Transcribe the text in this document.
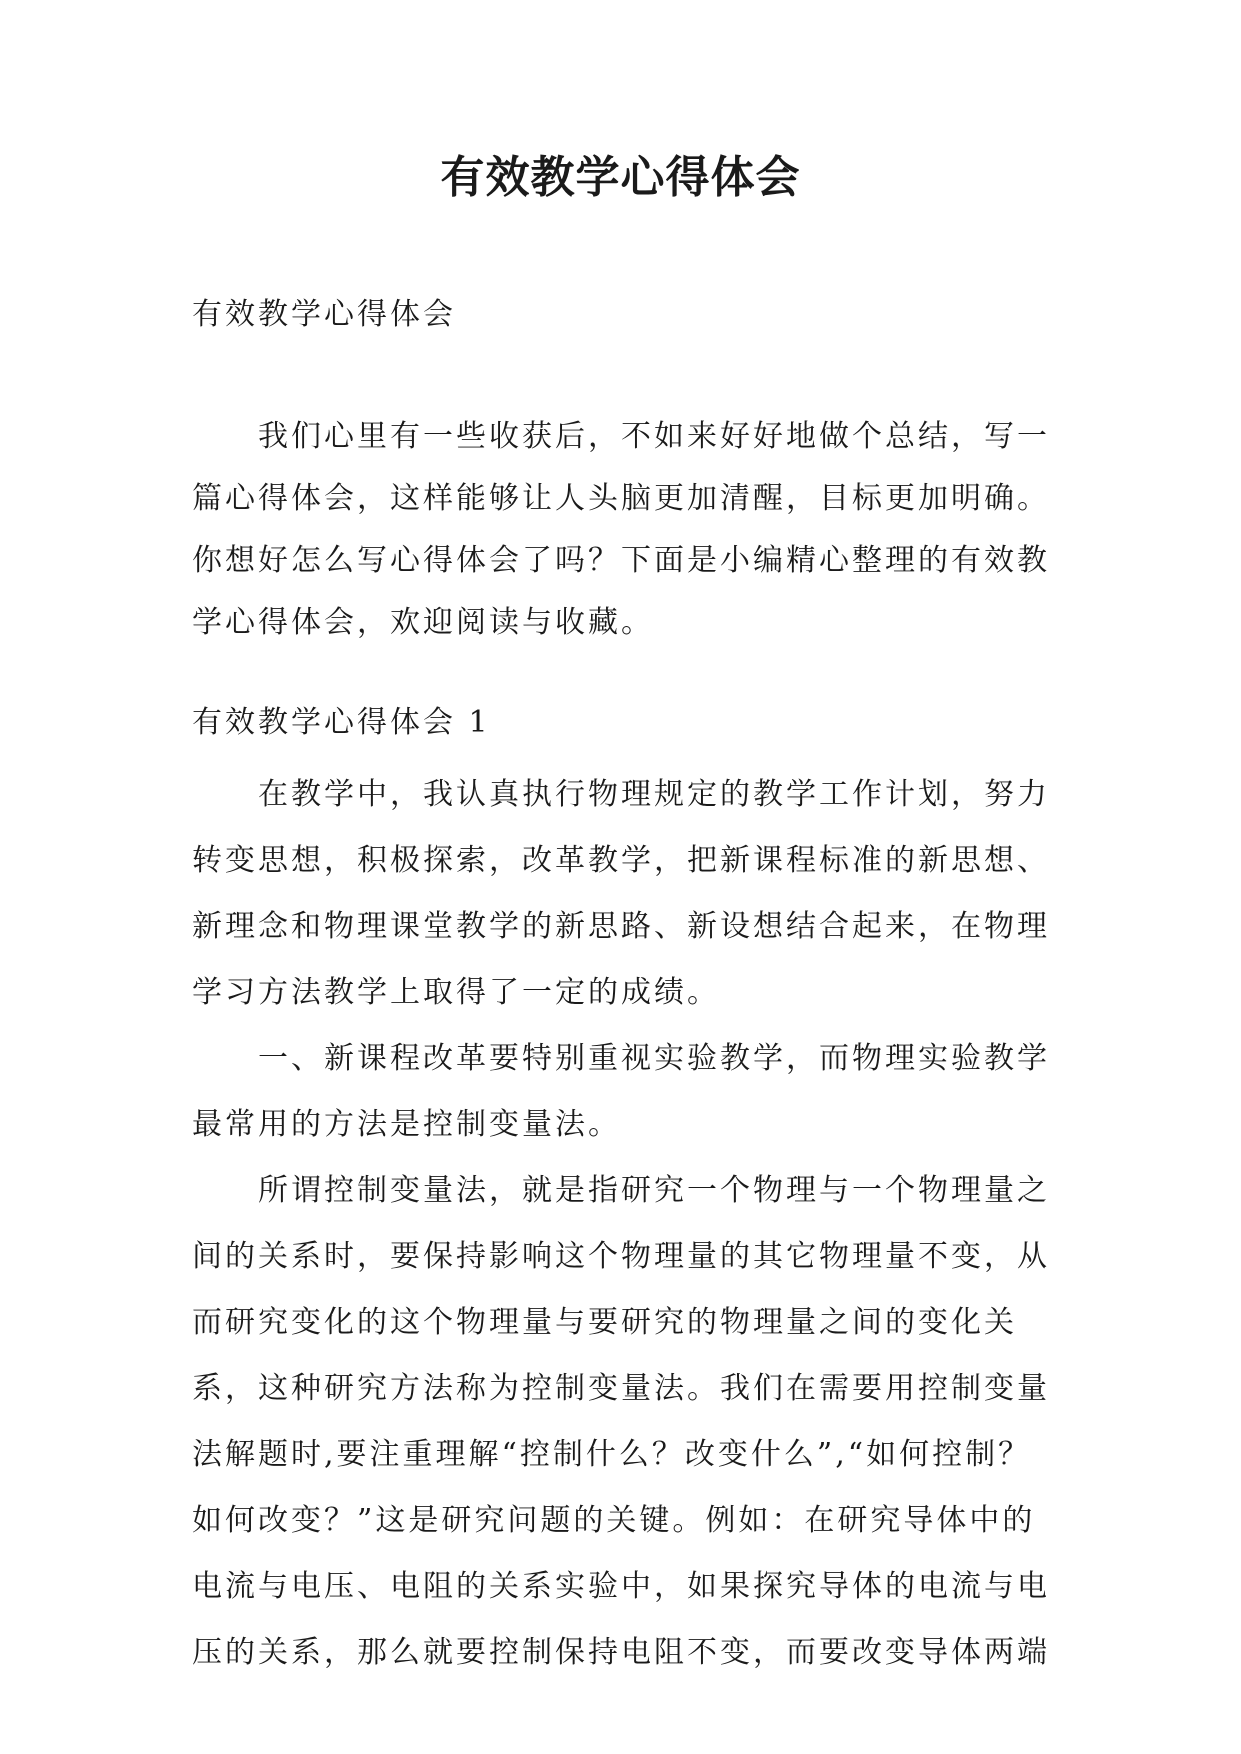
有效教学心得体会

有效教学心得体会

我们心里有一些收获后，不如来好好地做个总结，写一篇心得体会，这样能够让人头脑更加清醒，目标更加明确。你想好怎么写心得体会了吗？下面是小编精心整理的有效教学心得体会，欢迎阅读与收藏。

有效教学心得体会 1

在教学中，我认真执行物理规定的教学工作计划，努力转变思想，积极探索，改革教学，把新课程标准的新思想、新理念和物理课堂教学的新思路、新设想结合起来，在物理学习方法教学上取得了一定的成绩。

一、新课程改革要特别重视实验教学，而物理实验教学最常用的方法是控制变量法。

所谓控制变量法，就是指研究一个物理与一个物理量之间的关系时，要保持影响这个物理量的其它物理量不变，从而研究变化的这个物理量与要研究的物理量之间的变化关系，这种研究方法称为控制变量法。我们在需要用控制变量法解题时,要注重理解“控制什么？改变什么”,“如何控制？如何改变？”这是研究问题的关键。例如：在研究导体中的电流与电压、电阻的关系实验中，如果探究导体的电流与电压的关系，那么就要控制保持电阻不变，而要改变导体两端
